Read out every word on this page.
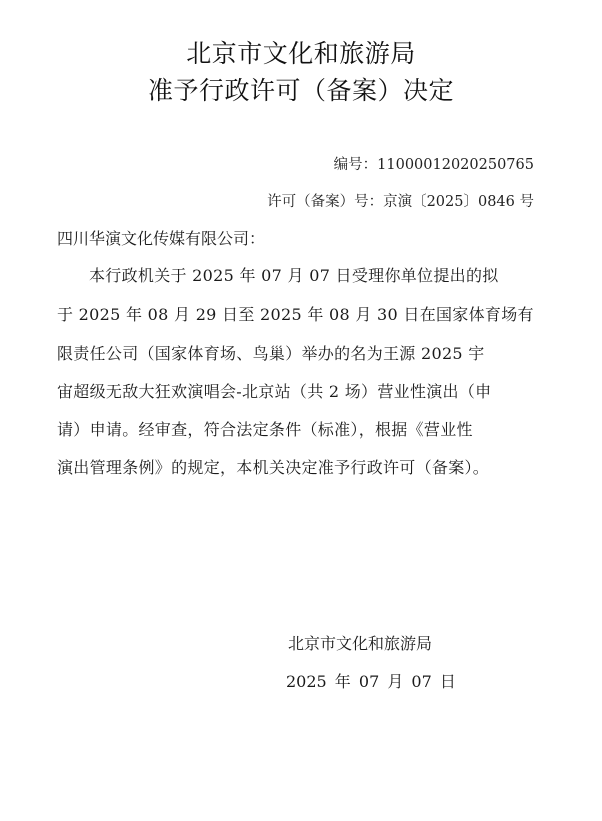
北京市文化和旅游局
准予行政许可（备案）决定
编号：11000012020250765
许可（备案）号：京演〔2025〕0846 号
四川华演文化传媒有限公司：
本行政机关于 2025 年 07 月 07 日受理你单位提出的拟
于 2025 年 08 月 29 日至 2025 年 08 月 30 日在国家体育场有
限责任公司（国家体育场、鸟巢）举办的名为王源 2025 宇
宙超级无敌大狂欢演唱会-北京站（共 2 场）营业性演出（申
请）申请。经审查，符合法定条件（标准），根据《营业性
演出管理条例》的规定，本机关决定准予行政许可（备案）。
北京市文化和旅游局
2025 年 07 月 07 日
